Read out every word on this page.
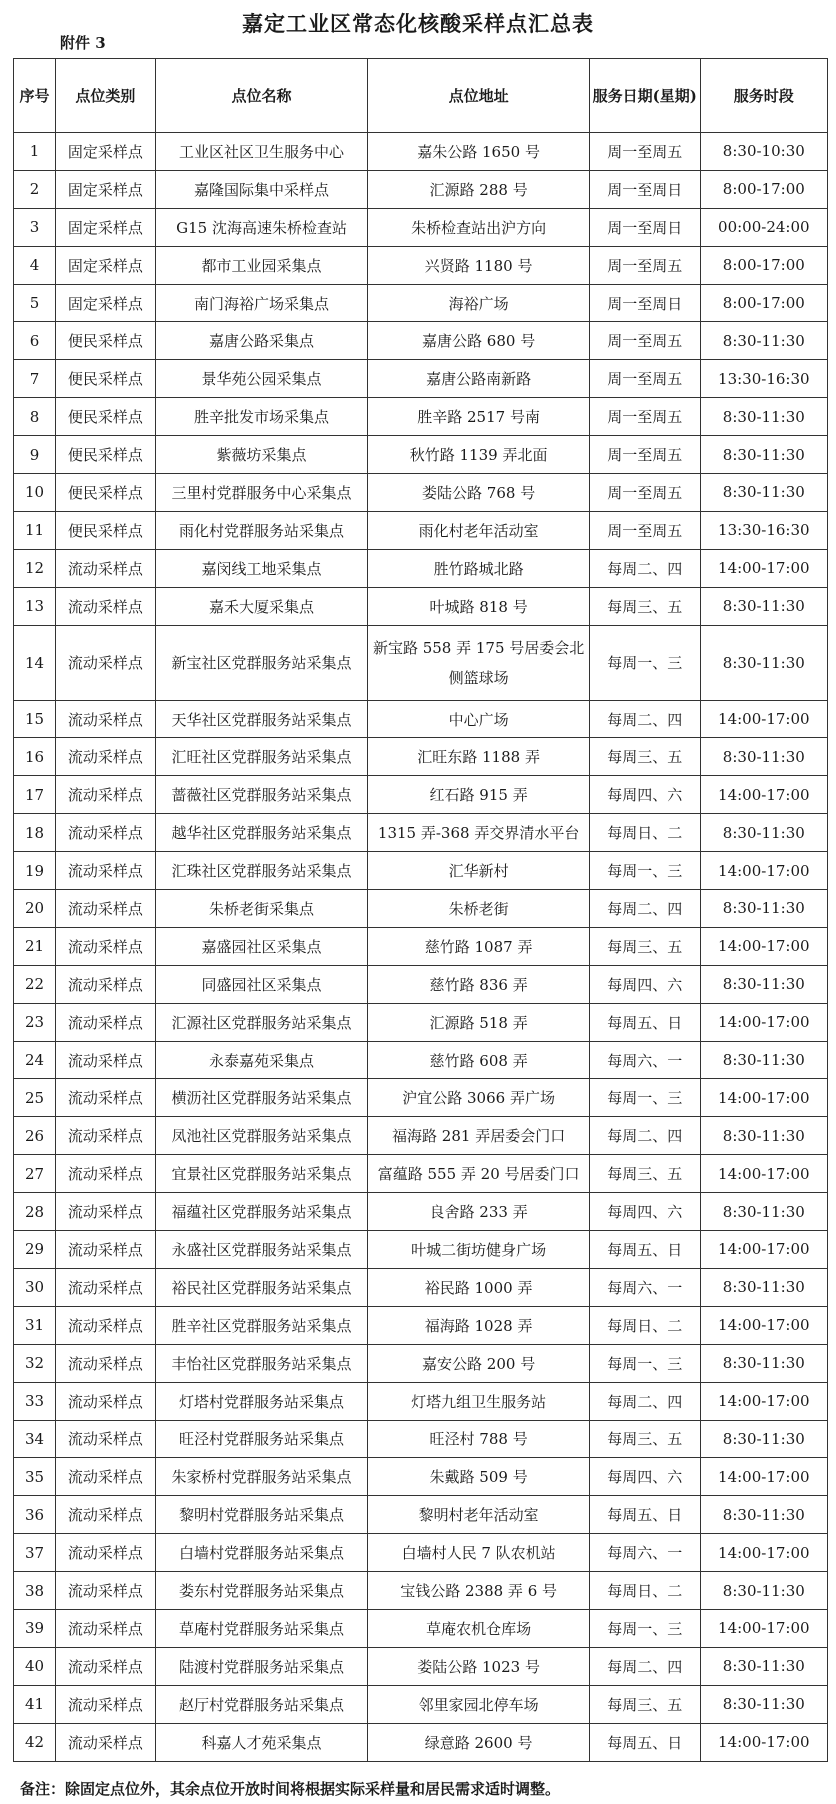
嘉定工业区常态化核酸采样点汇总表
附件 3
序号	点位类别	点位名称	点位地址	服务日期(星期)	服务时段
1	固定采样点	工业区社区卫生服务中心	嘉朱公路 1650 号	周一至周五	8:30-10:30
2	固定采样点	嘉隆国际集中采样点	汇源路 288 号	周一至周日	8:00-17:00
3	固定采样点	G15 沈海高速朱桥检查站	朱桥检查站出沪方向	周一至周日	00:00-24:00
4	固定采样点	都市工业园采集点	兴贤路 1180 号	周一至周五	8:00-17:00
5	固定采样点	南门海裕广场采集点	海裕广场	周一至周日	8:00-17:00
6	便民采样点	嘉唐公路采集点	嘉唐公路 680 号	周一至周五	8:30-11:30
7	便民采样点	景华苑公园采集点	嘉唐公路南新路	周一至周五	13:30-16:30
8	便民采样点	胜辛批发市场采集点	胜辛路 2517 号南	周一至周五	8:30-11:30
9	便民采样点	紫薇坊采集点	秋竹路 1139 弄北面	周一至周五	8:30-11:30
10	便民采样点	三里村党群服务中心采集点	娄陆公路 768 号	周一至周五	8:30-11:30
11	便民采样点	雨化村党群服务站采集点	雨化村老年活动室	周一至周五	13:30-16:30
12	流动采样点	嘉闵线工地采集点	胜竹路城北路	每周二、四	14:00-17:00
13	流动采样点	嘉禾大厦采集点	叶城路 818 号	每周三、五	8:30-11:30
14	流动采样点	新宝社区党群服务站采集点	新宝路 558 弄 175 号居委会北侧篮球场	每周一、三	8:30-11:30
15	流动采样点	天华社区党群服务站采集点	中心广场	每周二、四	14:00-17:00
16	流动采样点	汇旺社区党群服务站采集点	汇旺东路 1188 弄	每周三、五	8:30-11:30
17	流动采样点	蔷薇社区党群服务站采集点	红石路 915 弄	每周四、六	14:00-17:00
18	流动采样点	越华社区党群服务站采集点	1315 弄-368 弄交界清水平台	每周日、二	8:30-11:30
19	流动采样点	汇珠社区党群服务站采集点	汇华新村	每周一、三	14:00-17:00
20	流动采样点	朱桥老街采集点	朱桥老街	每周二、四	8:30-11:30
21	流动采样点	嘉盛园社区采集点	慈竹路 1087 弄	每周三、五	14:00-17:00
22	流动采样点	同盛园社区采集点	慈竹路 836 弄	每周四、六	8:30-11:30
23	流动采样点	汇源社区党群服务站采集点	汇源路 518 弄	每周五、日	14:00-17:00
24	流动采样点	永泰嘉苑采集点	慈竹路 608 弄	每周六、一	8:30-11:30
25	流动采样点	横沥社区党群服务站采集点	沪宜公路 3066 弄广场	每周一、三	14:00-17:00
26	流动采样点	凤池社区党群服务站采集点	福海路 281 弄居委会门口	每周二、四	8:30-11:30
27	流动采样点	宜景社区党群服务站采集点	富蕴路 555 弄 20 号居委门口	每周三、五	14:00-17:00
28	流动采样点	福蕴社区党群服务站采集点	良舍路 233 弄	每周四、六	8:30-11:30
29	流动采样点	永盛社区党群服务站采集点	叶城二街坊健身广场	每周五、日	14:00-17:00
30	流动采样点	裕民社区党群服务站采集点	裕民路 1000 弄	每周六、一	8:30-11:30
31	流动采样点	胜辛社区党群服务站采集点	福海路 1028 弄	每周日、二	14:00-17:00
32	流动采样点	丰怡社区党群服务站采集点	嘉安公路 200 号	每周一、三	8:30-11:30
33	流动采样点	灯塔村党群服务站采集点	灯塔九组卫生服务站	每周二、四	14:00-17:00
34	流动采样点	旺泾村党群服务站采集点	旺泾村 788 号	每周三、五	8:30-11:30
35	流动采样点	朱家桥村党群服务站采集点	朱戴路 509 号	每周四、六	14:00-17:00
36	流动采样点	黎明村党群服务站采集点	黎明村老年活动室	每周五、日	8:30-11:30
37	流动采样点	白墙村党群服务站采集点	白墙村人民 7 队农机站	每周六、一	14:00-17:00
38	流动采样点	娄东村党群服务站采集点	宝钱公路 2388 弄 6 号	每周日、二	8:30-11:30
39	流动采样点	草庵村党群服务站采集点	草庵农机仓库场	每周一、三	14:00-17:00
40	流动采样点	陆渡村党群服务站采集点	娄陆公路 1023 号	每周二、四	8:30-11:30
41	流动采样点	赵厅村党群服务站采集点	邻里家园北停车场	每周三、五	8:30-11:30
42	流动采样点	科嘉人才苑采集点	绿意路 2600 号	每周五、日	14:00-17:00
备注：除固定点位外，其余点位开放时间将根据实际采样量和居民需求适时调整。
